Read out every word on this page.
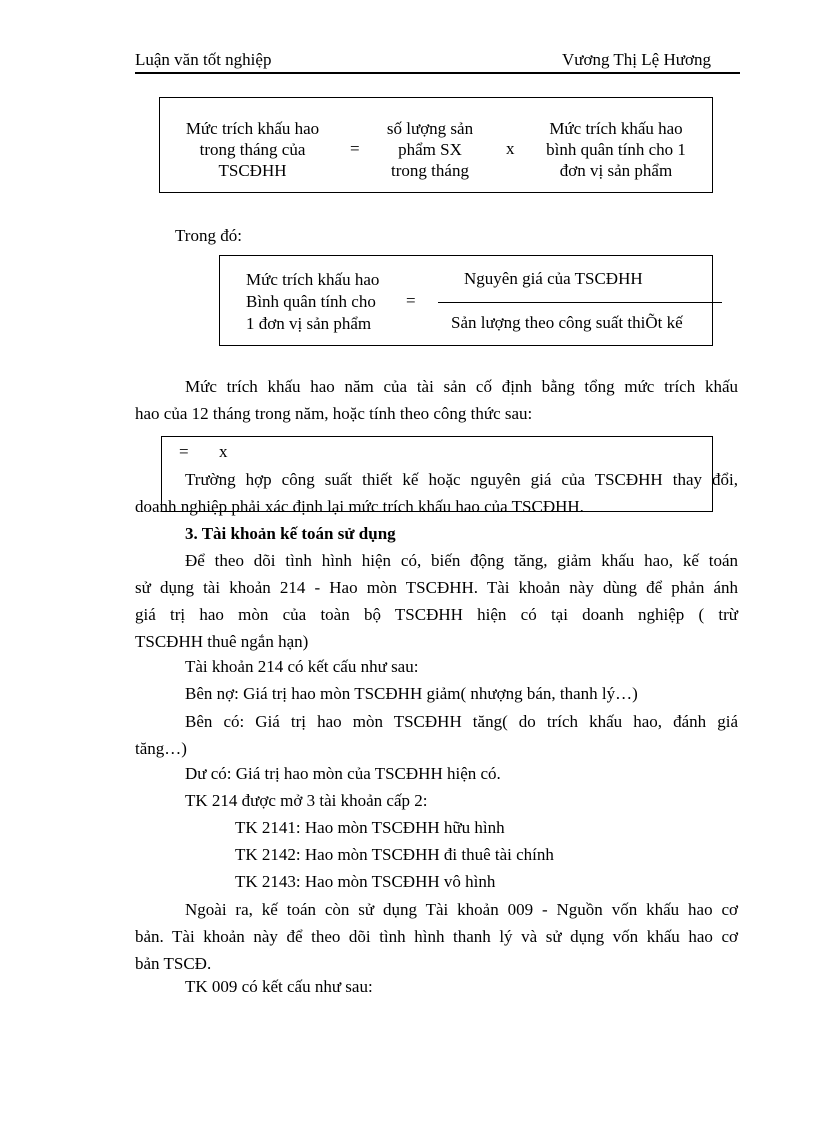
Luận văn tốt nghiệp	Vương Thị Lệ Hương
Mức trích khấu hao
trong tháng của
TSCĐHH
=
số lượng sản
phẩm SX
trong tháng
x
Mức trích khấu hao
bình quân tính cho 1
đơn vị sản phẩm
Trong đó:
Mức trích khấu hao
Bình quân tính cho
1 đơn vị sản phẩm
=
Nguyên giá của TSCĐHH
Sản lượng theo công suất thiÕt kế
Mức trích khấu hao năm của tài sản cố định bằng tổng mức trích khấu
hao của 12 tháng trong năm, hoặc tính theo công thức sau:
= x
Trường hợp công suất thiết kế hoặc nguyên giá của TSCĐHH thay đổi,
doanh nghiệp phải xác định lại mức trích khấu hao của TSCĐHH.
3. Tài khoản kế toán sử dụng
Để theo dõi tình hình hiện có, biến động tăng, giảm khấu hao, kế toán
sử dụng tài khoản 214 - Hao mòn TSCĐHH. Tài khoản này dùng để phản ánh
giá trị hao mòn của toàn bộ TSCĐHH hiện có tại doanh nghiệp ( trừ
TSCĐHH thuê ngắn hạn)
Tài khoản 214 có kết cấu như sau:
Bên nợ: Giá trị hao mòn TSCĐHH giảm( nhượng bán, thanh lý…)
Bên có: Giá trị hao mòn TSCĐHH tăng( do trích khấu hao, đánh giá
tăng…)
Dư có: Giá trị hao mòn của TSCĐHH hiện có.
TK 214 được mở 3 tài khoản cấp 2:
TK 2141: Hao mòn TSCĐHH hữu hình
TK 2142: Hao mòn TSCĐHH đi thuê tài chính
TK 2143: Hao mòn TSCĐHH vô hình
Ngoài ra, kế toán còn sử dụng Tài khoản 009 - Nguồn vốn khấu hao cơ
bản. Tài khoản này để theo dõi tình hình thanh lý và sử dụng vốn khấu hao cơ
bản TSCĐ.
TK 009 có kết cấu như sau:
